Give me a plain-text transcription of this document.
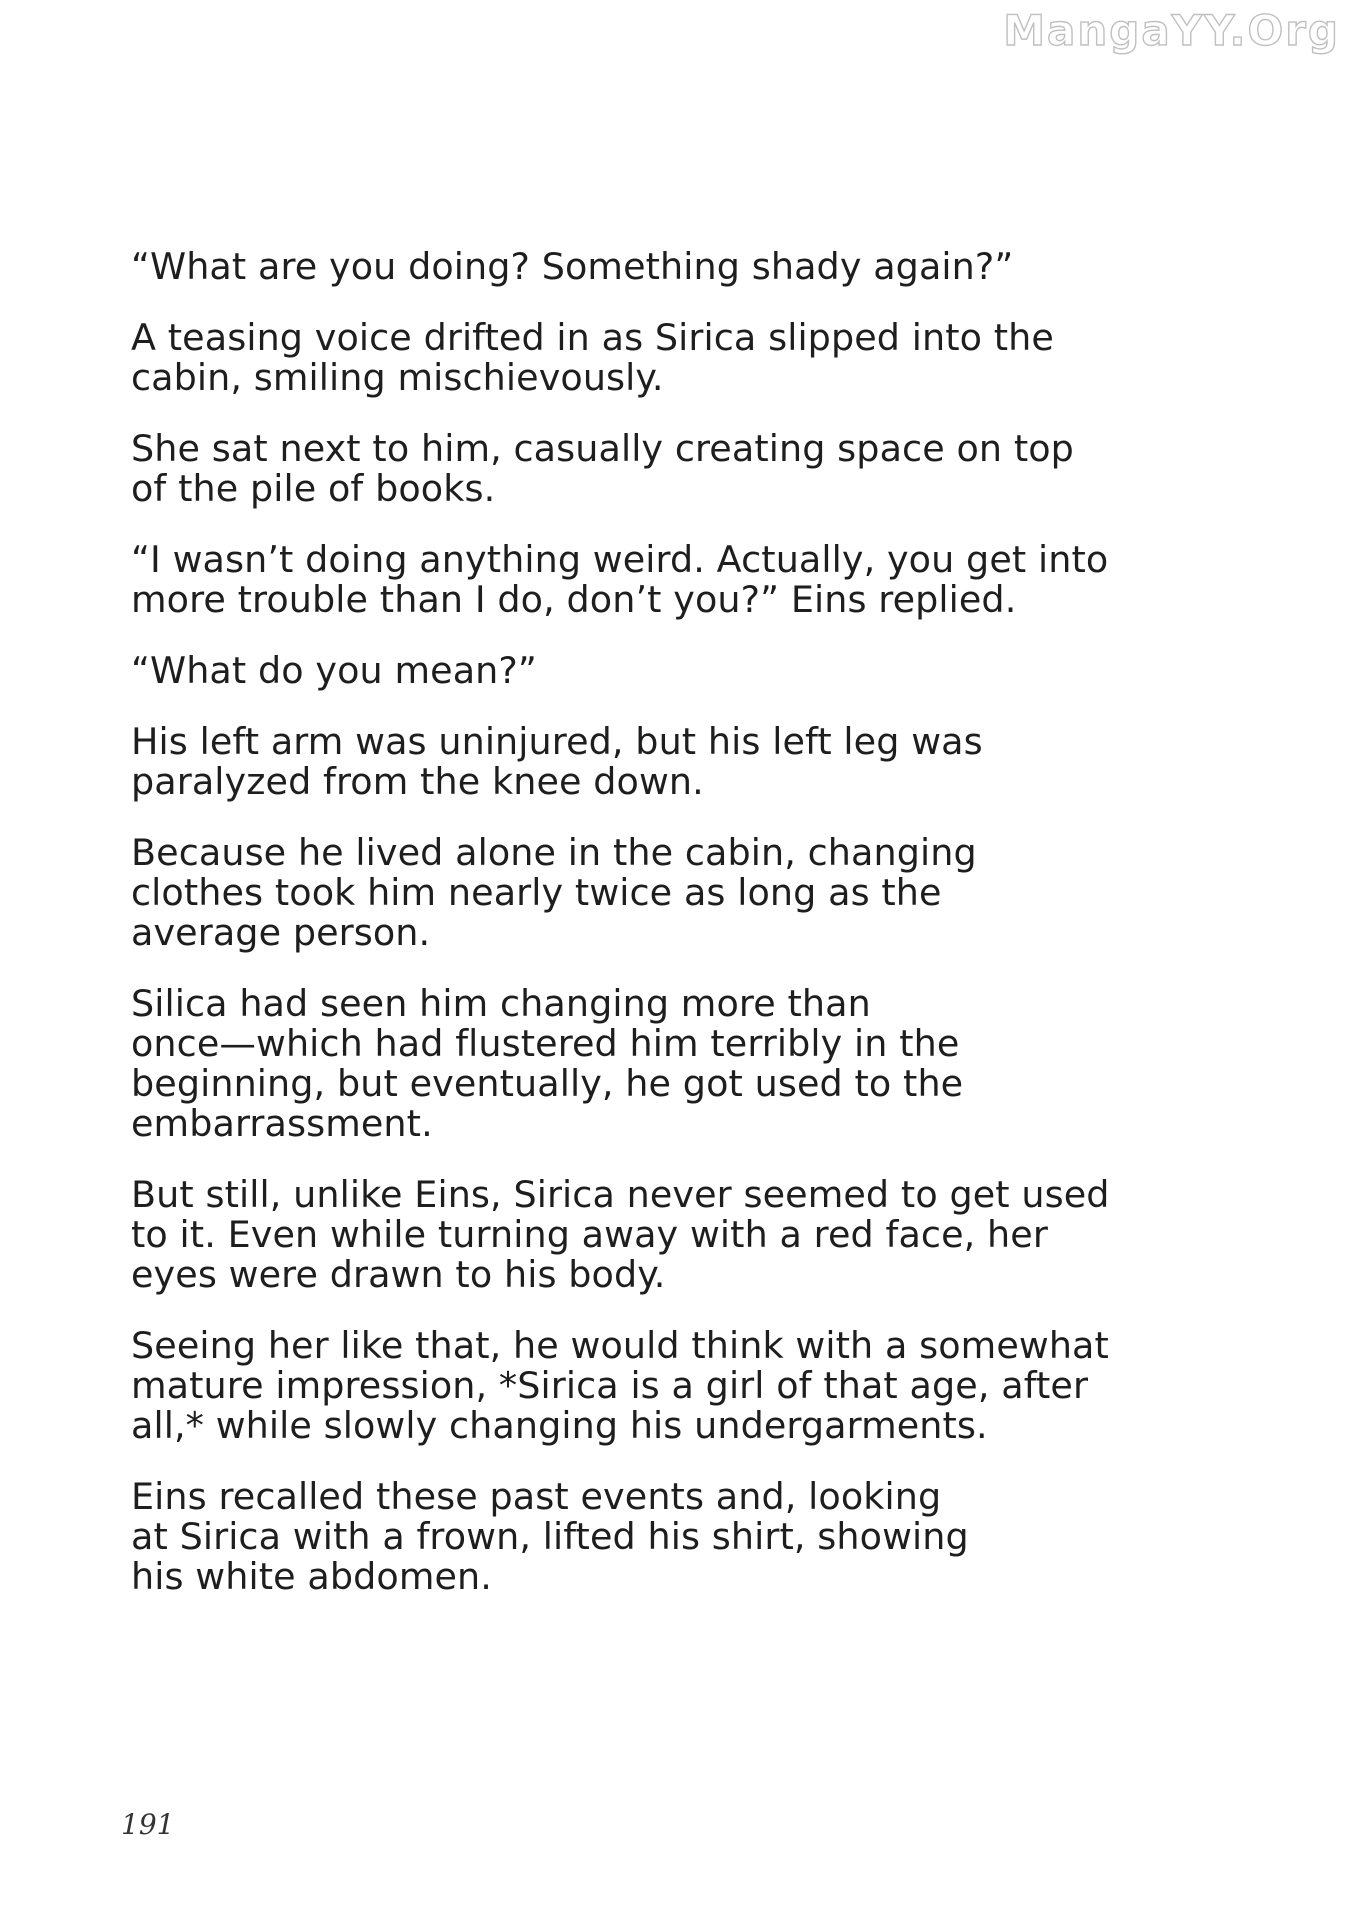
MangaYY.Org

“What are you doing? Something shady again?”

A teasing voice drifted in as Sirica slipped into the
cabin, smiling mischievously.

She sat next to him, casually creating space on top
of the pile of books.

“I wasn’t doing anything weird. Actually, you get into
more trouble than I do, don’t you?” Eins replied.

“What do you mean?”

His left arm was uninjured, but his left leg was
paralyzed from the knee down.

Because he lived alone in the cabin, changing
clothes took him nearly twice as long as the
average person.

Silica had seen him changing more than
once—which had flustered him terribly in the
beginning, but eventually, he got used to the
embarrassment.

But still, unlike Eins, Sirica never seemed to get used
to it. Even while turning away with a red face, her
eyes were drawn to his body.

Seeing her like that, he would think with a somewhat
mature impression, *Sirica is a girl of that age, after
all,* while slowly changing his undergarments.

Eins recalled these past events and, looking
at Sirica with a frown, lifted his shirt, showing
his white abdomen.

191
